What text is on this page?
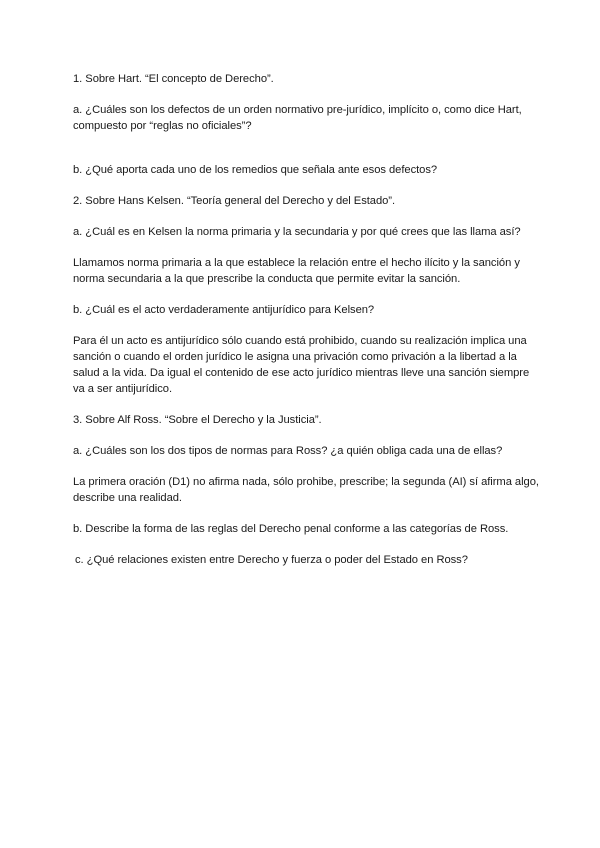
1. Sobre Hart. “El concepto de Derecho”.

a. ¿Cuáles son los defectos de un orden normativo pre-jurídico, implícito o, como dice Hart, compuesto por “reglas no oficiales”?

b. ¿Qué aporta cada uno de los remedios que señala ante esos defectos?

2. Sobre Hans Kelsen. “Teoría general del Derecho y del Estado”.

a. ¿Cuál es en Kelsen la norma primaria y la secundaria y por qué crees que las llama así?

Llamamos norma primaria a la que establece la relación entre el hecho ilícito y la sanción y norma secundaria a la que prescribe la conducta que permite evitar la sanción.

b. ¿Cuál es el acto verdaderamente antijurídico para Kelsen?

Para él un acto es antijurídico sólo cuando está prohibido, cuando su realización implica una sanción o cuando el orden jurídico le asigna una privación como privación a la libertad a la salud a la vida. Da igual el contenido de ese acto jurídico mientras lleve una sanción siempre va a ser antijurídico.

3. Sobre Alf Ross. “Sobre el Derecho y la Justicia”.

a. ¿Cuáles son los dos tipos de normas para Ross? ¿a quién obliga cada una de ellas?

La primera oración (D1) no afirma nada, sólo prohibe, prescribe; la segunda (AI) sí afirma algo, describe una realidad.

b. Describe la forma de las reglas del Derecho penal conforme a las categorías de Ross.

c. ¿Qué relaciones existen entre Derecho y fuerza o poder del Estado en Ross?
